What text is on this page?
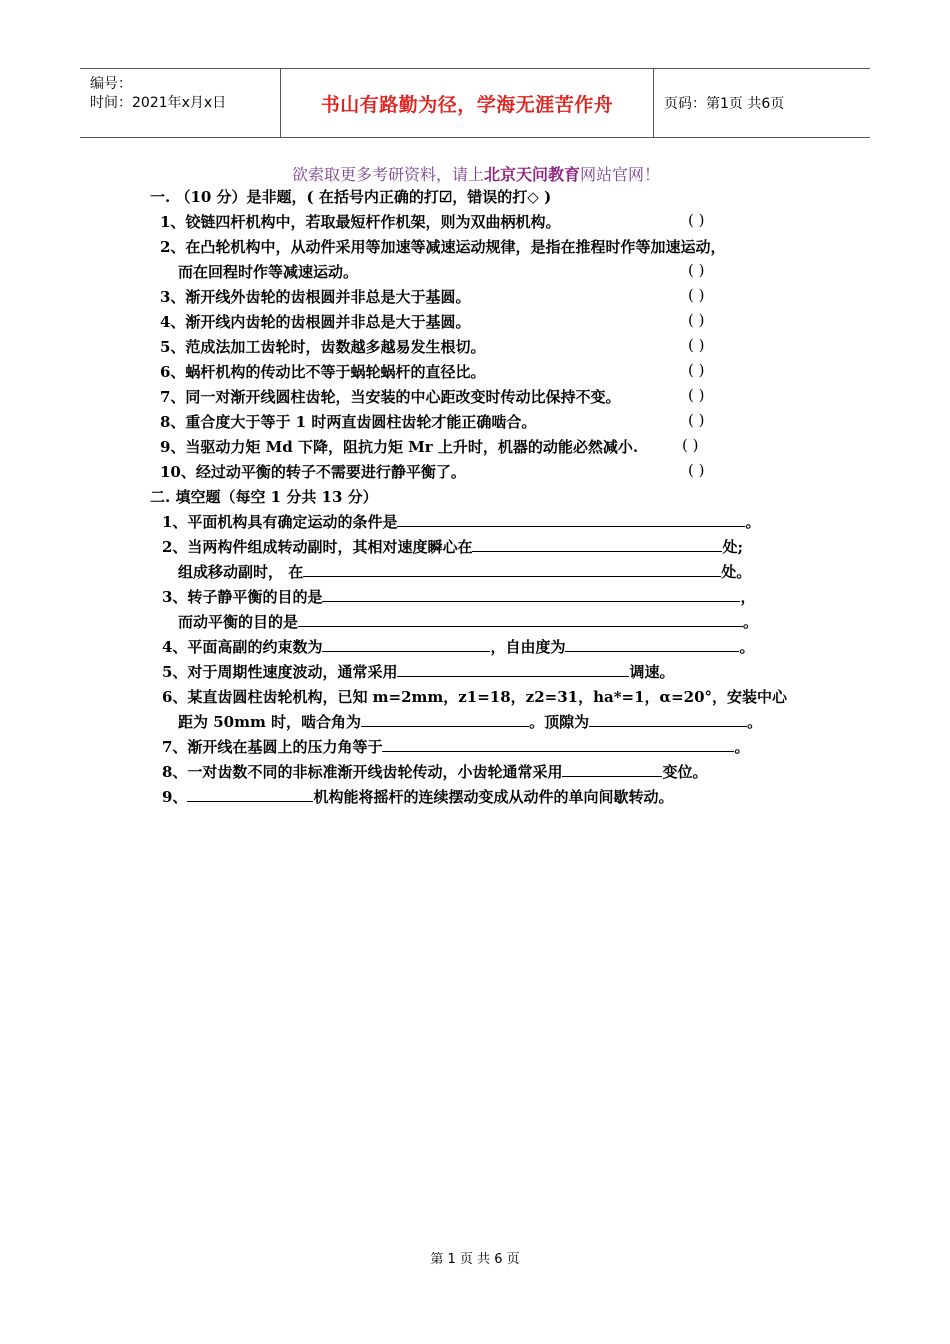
编号：
时间：2021年x月x日	书山有路勤为径，学海无涯苦作舟	页码：第1页 共6页
欲索取更多考研资料，请上北京天问教育网站官网！
一. （10 分）是非题，( 在括号内正确的打☑，错误的打◇ )
1、铰链四杆机构中，若取最短杆作机架，则为双曲柄机构。	( )
2、在凸轮机构中，从动件采用等加速等减速运动规律，是指在推程时作等加速运动，
而在回程时作等减速运动。	( )
3、渐开线外齿轮的齿根圆并非总是大于基圆。	( )
4、渐开线内齿轮的齿根圆并非总是大于基圆。	( )
5、范成法加工齿轮时，齿数越多越易发生根切。	( )
6、蜗杆机构的传动比不等于蜗轮蜗杆的直径比。	( )
7、同一对渐开线圆柱齿轮，当安装的中心距改变时传动比保持不变。	( )
8、重合度大于等于 1 时两直齿圆柱齿轮才能正确啮合。	( )
9、当驱动力矩 Md 下降，阻抗力矩 Mr 上升时，机器的动能必然减小.	( )
10、经过动平衡的转子不需要进行静平衡了。	( )
二. 填空题（每空 1 分共 13 分）
1、平面机构具有确定运动的条件是	。
2、当两构件组成转动副时，其相对速度瞬心在	处;
组成移动副时， 在	处。
3、转子静平衡的目的是	，
而动平衡的目的是	。
4、平面高副的约束数为	，自由度为	。
5、对于周期性速度波动，通常采用	调速。
6、某直齿圆柱齿轮机构，已知 m=2mm，z1=18，z2=31，ha*=1，α=20°，安装中心
距为 50mm 时，啮合角为	。顶隙为	。
7、渐开线在基圆上的压力角等于	。
8、一对齿数不同的非标准渐开线齿轮传动，小齿轮通常采用	变位。
9、	机构能将摇杆的连续摆动变成从动件的单向间歇转动。
第 1 页 共 6 页
